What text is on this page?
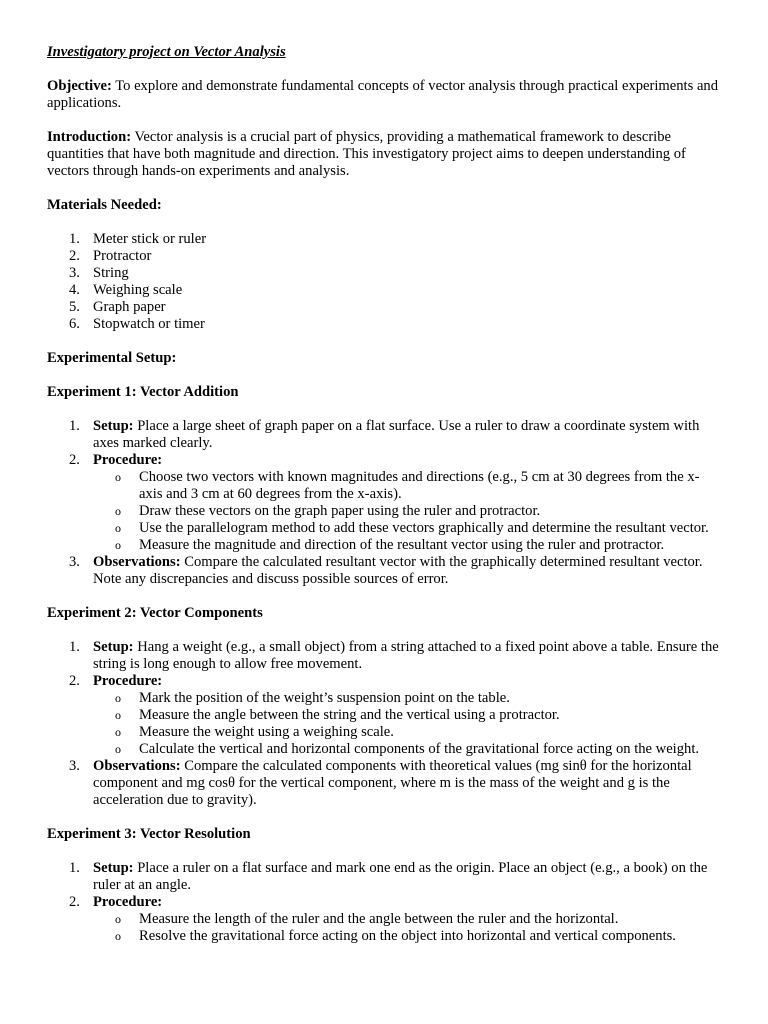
Investigatory project on Vector Analysis

Objective: To explore and demonstrate fundamental concepts of vector analysis through practical experiments and applications.

Introduction: Vector analysis is a crucial part of physics, providing a mathematical framework to describe quantities that have both magnitude and direction. This investigatory project aims to deepen understanding of vectors through hands-on experiments and analysis.

Materials Needed:

1. Meter stick or ruler
2. Protractor
3. String
4. Weighing scale
5. Graph paper
6. Stopwatch or timer

Experimental Setup:

Experiment 1: Vector Addition

1. Setup: Place a large sheet of graph paper on a flat surface. Use a ruler to draw a coordinate system with axes marked clearly.
2. Procedure:
o Choose two vectors with known magnitudes and directions (e.g., 5 cm at 30 degrees from the x-axis and 3 cm at 60 degrees from the x-axis).
o Draw these vectors on the graph paper using the ruler and protractor.
o Use the parallelogram method to add these vectors graphically and determine the resultant vector.
o Measure the magnitude and direction of the resultant vector using the ruler and protractor.
3. Observations: Compare the calculated resultant vector with the graphically determined resultant vector. Note any discrepancies and discuss possible sources of error.

Experiment 2: Vector Components

1. Setup: Hang a weight (e.g., a small object) from a string attached to a fixed point above a table. Ensure the string is long enough to allow free movement.
2. Procedure:
o Mark the position of the weight’s suspension point on the table.
o Measure the angle between the string and the vertical using a protractor.
o Measure the weight using a weighing scale.
o Calculate the vertical and horizontal components of the gravitational force acting on the weight.
3. Observations: Compare the calculated components with theoretical values (mg sinθ for the horizontal component and mg cosθ for the vertical component, where m is the mass of the weight and g is the acceleration due to gravity).

Experiment 3: Vector Resolution

1. Setup: Place a ruler on a flat surface and mark one end as the origin. Place an object (e.g., a book) on the ruler at an angle.
2. Procedure:
o Measure the length of the ruler and the angle between the ruler and the horizontal.
o Resolve the gravitational force acting on the object into horizontal and vertical components.
